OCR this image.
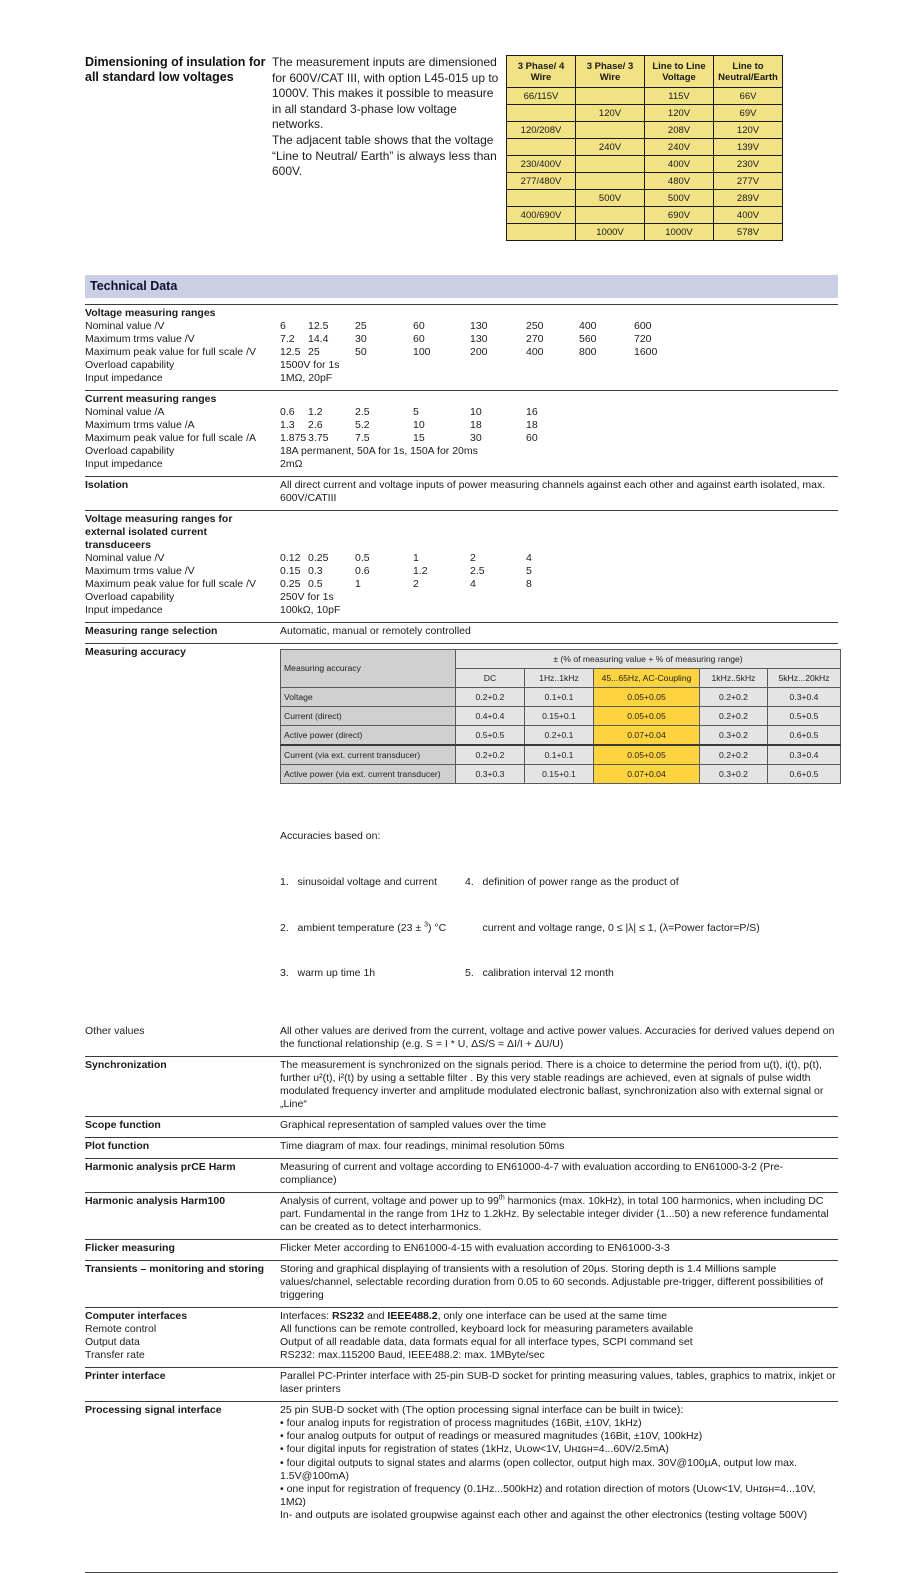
Dimensioning of insulation for all standard low voltages
The measurement inputs are dimensioned for 600V/CAT III, with option L45-015 up to 1000V. This makes it possible to measure in all standard 3-phase low voltage networks.
The adjacent table shows that the voltage “Line to Neutral/ Earth” is always less than 600V.
3 Phase/ 4 Wire	3 Phase/ 3 Wire	Line to Line Voltage	Line to Neutral/Earth
66/115V		115V	66V
	120V	120V	69V
120/208V		208V	120V
	240V	240V	139V
230/400V		400V	230V
277/480V		480V	277V
	500V	500V	289V
400/690V		690V	400V
	1000V	1000V	578V
Technical Data
Voltage measuring ranges
Nominal value /V	6	12.5	25	60	130	250	400	600
Maximum trms value /V	7.2	14.4	30	60	130	270	560	720
Maximum peak value for full scale /V	12.5 25	50	100	200	400	800	1600
Overload capability	1500V for 1s
Input impedance	1MΩ, 20pF
Current measuring ranges
Nominal value /A	0.6	1.2	2.5	5	10	16
Maximum trms value /A	1.3	2.6	5.2	10	18	18
Maximum peak value for full scale /A	1.875 3.75	7.5	15	30	60
Overload capability	18A permanent, 50A for 1s, 150A for 20ms
Input impedance	2mΩ
Isolation	All direct current and voltage inputs of power measuring channels against each other and against earth isolated, max. 600V/CATIII
Voltage measuring ranges for external isolated current transduceers
Nominal value /V	0.12 0.25	0.5	1	2	4
Maximum trms value /V	0.15 0.3	0.6	1.2	2.5	5
Maximum peak value for full scale /V	0.25 0.5	1	2	4	8
Overload capability	250V for 1s
Input impedance	100kΩ, 10pF
Measuring range selection	Automatic, manual or remotely controlled
Measuring accuracy
Measuring accuracy	± (% of measuring value + % of measuring range)				
	DC	1Hz..1kHz	45...65Hz, AC-Coupling	1kHz..5kHz	5kHz...20kHz
Voltage	0.2+0.2	0.1+0.1	0.05+0.05	0.2+0.2	0.3+0.4
Current (direct)	0.4+0.4	0.15+0.1	0.05+0.05	0.2+0.2	0.5+0.5
Active power (direct)	0.5+0.5	0.2+0.1	0.07+0.04	0.3+0.2	0.6+0.5
Current (via ext. current transducer)	0.2+0.2	0.1+0.1	0.05+0.05	0.2+0.2	0.3+0.4
Active power (via ext. current transducer)	0.3+0.3	0.15+0.1	0.07+0.04	0.3+0.2	0.6+0.5

Accuracies based on:

1.   sinusoidal voltage and current

2.   ambient temperature (23 ± $^3$) °C

3.   warm up time 1h

4.   definition of power range as the product of

current and voltage range, 0 ≤ |λ| ≤ 1, (λ=Power factor=P/S)

5.   calibration interval 12 month

Other values	All other values are derived from the current, voltage and active power values. Accuracies for derived values depend on the functional relationship (e.g. S = I * U, ΔS/S = ΔI/I + ΔU/U)
Synchronization	The measurement is synchronized on the signals period. There is a choice to determine the period from u(t), i(t), p(t), further u²(t), i²(t) by using a settable filter . By this very stable readings are achieved, even at signals of pulse width modulated frequency inverter and amplitude modulated electronic ballast, synchronization also with external signal or „Line“
Scope function	Graphical representation of sampled values over the time
Plot function	Time diagram of max. four readings, minimal resolution 50ms
Harmonic analysis prCE Harm	Measuring of current and voltage according to EN61000-4-7 with evaluation according to EN61000-3-2 (Pre-compliance)
Harmonic analysis Harm100	Analysis of current, voltage and power up to 99th harmonics (max. 10kHz), in total 100 harmonics, when including DC part. Fundamental in the range from 1Hz to 1.2kHz. By selectable integer divider (1...50) a new reference fundamental can be created as to detect interharmonics.
Flicker measuring	Flicker Meter according to EN61000-4-15 with evaluation according to EN61000-3-3
Transients – monitoring and storing	Storing and graphical displaying of transients with a resolution of 20µs. Storing depth is 1.4 Millions sample values/channel, selectable recording duration from 0.05 to 60 seconds. Adjustable pre-trigger, different possibilities of triggering
Computer interfaces	Interfaces: RS232 and IEEE488.2, only one interface can be used at the same time
Remote control	All functions can be remote controlled, keyboard lock for measuring parameters available
Output data	Output of all readable data, data formats equal for all interface types, SCPI command set
Transfer rate	RS232: max.115200 Baud, IEEE488.2: max. 1MByte/sec
Printer interface	Parallel PC-Printer interface with 25-pin SUB-D socket for printing measuring values, tables, graphics to matrix, inkjet or laser printers
Processing signal interface	25 pin SUB-D socket with (The option processing signal interface can be built in twice):
• four analog inputs for registration of process magnitudes (16Bit, ±10V, 1kHz)
• four analog outputs for output of readings or measured magnitudes (16Bit, ±10V, 100kHz)
• four digital inputs for registration of states (1kHz, Uʟᴏᴡ<1V, Uʜɪɢʜ=4...60V/2.5mA)
• four digital outputs to signal states and alarms (open collector, output high max. 30V@100µA, output low max. 1.5V@100mA)
• one input for registration of frequency (0.1Hz...500kHz) and rotation direction of motors (Uʟᴏᴡ<1V, Uʜɪɢʜ=4...10V, 1MΩ)
In- and outputs are isolated groupwise against each other and against the other electronics (testing voltage 500V)
